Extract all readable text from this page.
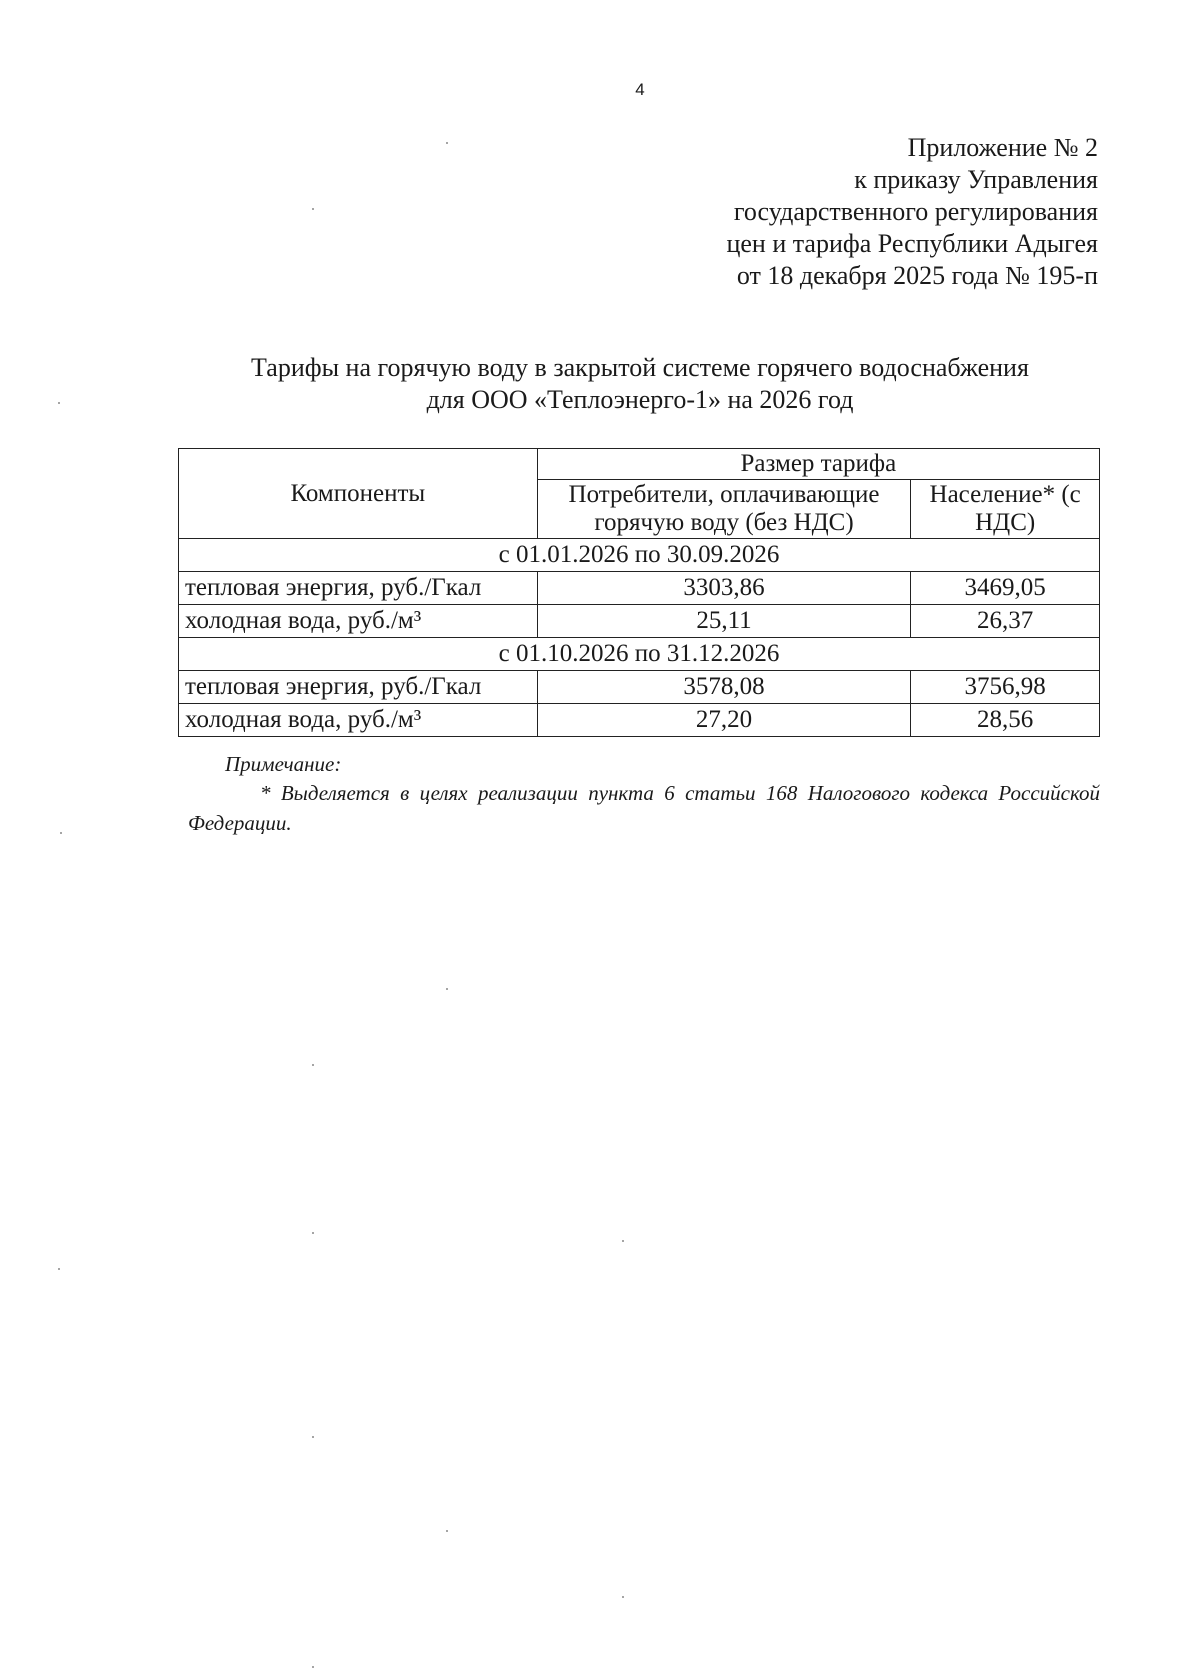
4
Приложение № 2
к приказу Управления
государственного регулирования
цен и тарифа Республики Адыгея
от 18 декабря 2025 года № 195-п
Тарифы на горячую воду в закрытой системе горячего водоснабжения
для ООО «Теплоэнерго-1» на 2026 год
Компоненты	Размер тарифа	
	Потребители, оплачивающие горячую воду (без НДС)	Население* (с НДС)
с 01.01.2026 по 30.09.2026		
тепловая энергия, руб./Гкал	3303,86	3469,05
холодная вода, руб./м³	25,11	26,37
с 01.10.2026 по 31.12.2026		
тепловая энергия, руб./Гкал	3578,08	3756,98
холодная вода, руб./м³	27,20	28,56
Примечание:
* Выделяется в целях реализации пункта 6 статьи 168 Налогового кодекса Российской Федерации.
